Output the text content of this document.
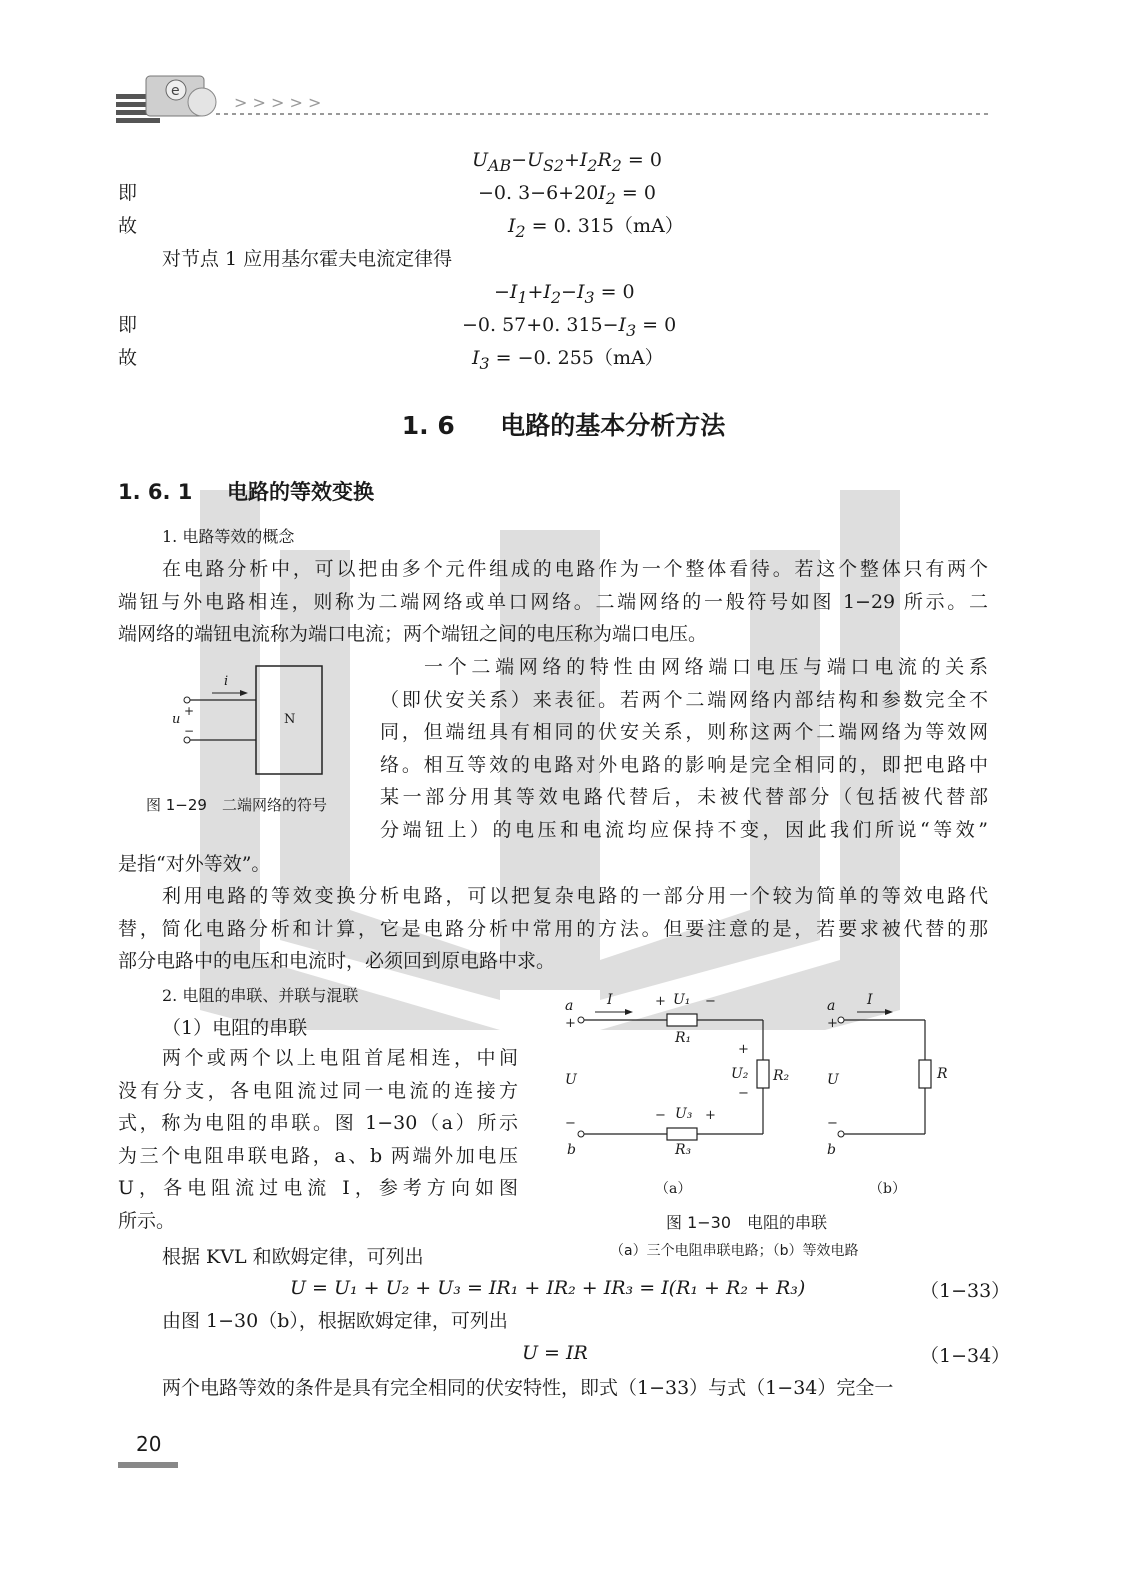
e
> > > > >
$U_{AB}-U_{S2}+I_2R_2 = 0$
即	−0. $3-6+20I_2 = 0$
故	$I_2 = 0$. 315（mA）
对节点 1 应用基尔霍夫电流定律得
$-I_1+I_2-I_3 = 0$
即	−0. 57+0. $315-I_3 = 0$
故	$I_3 = -0$. 255（mA）
1. 6 电路的基本分析方法
1. 6. 1 电路的等效变换
1. 电路等效的概念
在电路分析中，可以把由多个元件组成的电路作为一个整体看待。若这个整体只有两个
端钮与外电路相连，则称为二端网络或单口网络。二端网络的一般符号如图 1−29 所示。二
端网络的端钮电流称为端口电流；两个端钮之间的电压称为端口电压。
i
+
u
−
N
图 1−29　二端网络的符号
一个二端网络的特性由网络端口电压与端口电流的关系
（即伏安关系）来表征。若两个二端网络内部结构和参数完全不
同，但端纽具有相同的伏安关系，则称这两个二端网络为等效网
络。相互等效的电路对外电路的影响是完全相同的，即把电路中
某一部分用其等效电路代替后，未被代替部分（包括被代替部
分端钮上）的电压和电流均应保持不变，因此我们所说“等效”
是指“对外等效”。
利用电路的等效变换分析电路，可以把复杂电路的一部分用一个较为简单的等效电路代
替，简化电路分析和计算，它是电路分析中常用的方法。但要注意的是，若要求被代替的那
部分电路中的电压和电流时，必须回到原电路中求。
2. 电阻的串联、并联与混联
（1）电阻的串联
两个或两个以上电阻首尾相连，中间
没有分支，各电阻流过同一电流的连接方
式，称为电阻的串联。图 1−30（a）所示
为三个电阻串联电路，a、b 两端外加电压
U，各电阻流过电流 I，参考方向如图
所示。
a
+
I	+ U₁ −
R₁
+
U₂
−
R₂
U
−
− U₃ +
R₃
b
（a）
a
+
I
R
U
−
b
（b）
图 1−30　电阻的串联
（a）三个电阻串联电路；（b）等效电路
根据 KVL 和欧姆定律，可列出
U = U₁ + U₂ + U₃ = IR₁ + IR₂ + IR₃ = I(R₁ + R₂ + R₃)	（1−33）
由图 1−30（b），根据欧姆定律，可列出
U = IR	（1−34）
两个电路等效的条件是具有完全相同的伏安特性，即式（1−33）与式（1−34）完全一
20
